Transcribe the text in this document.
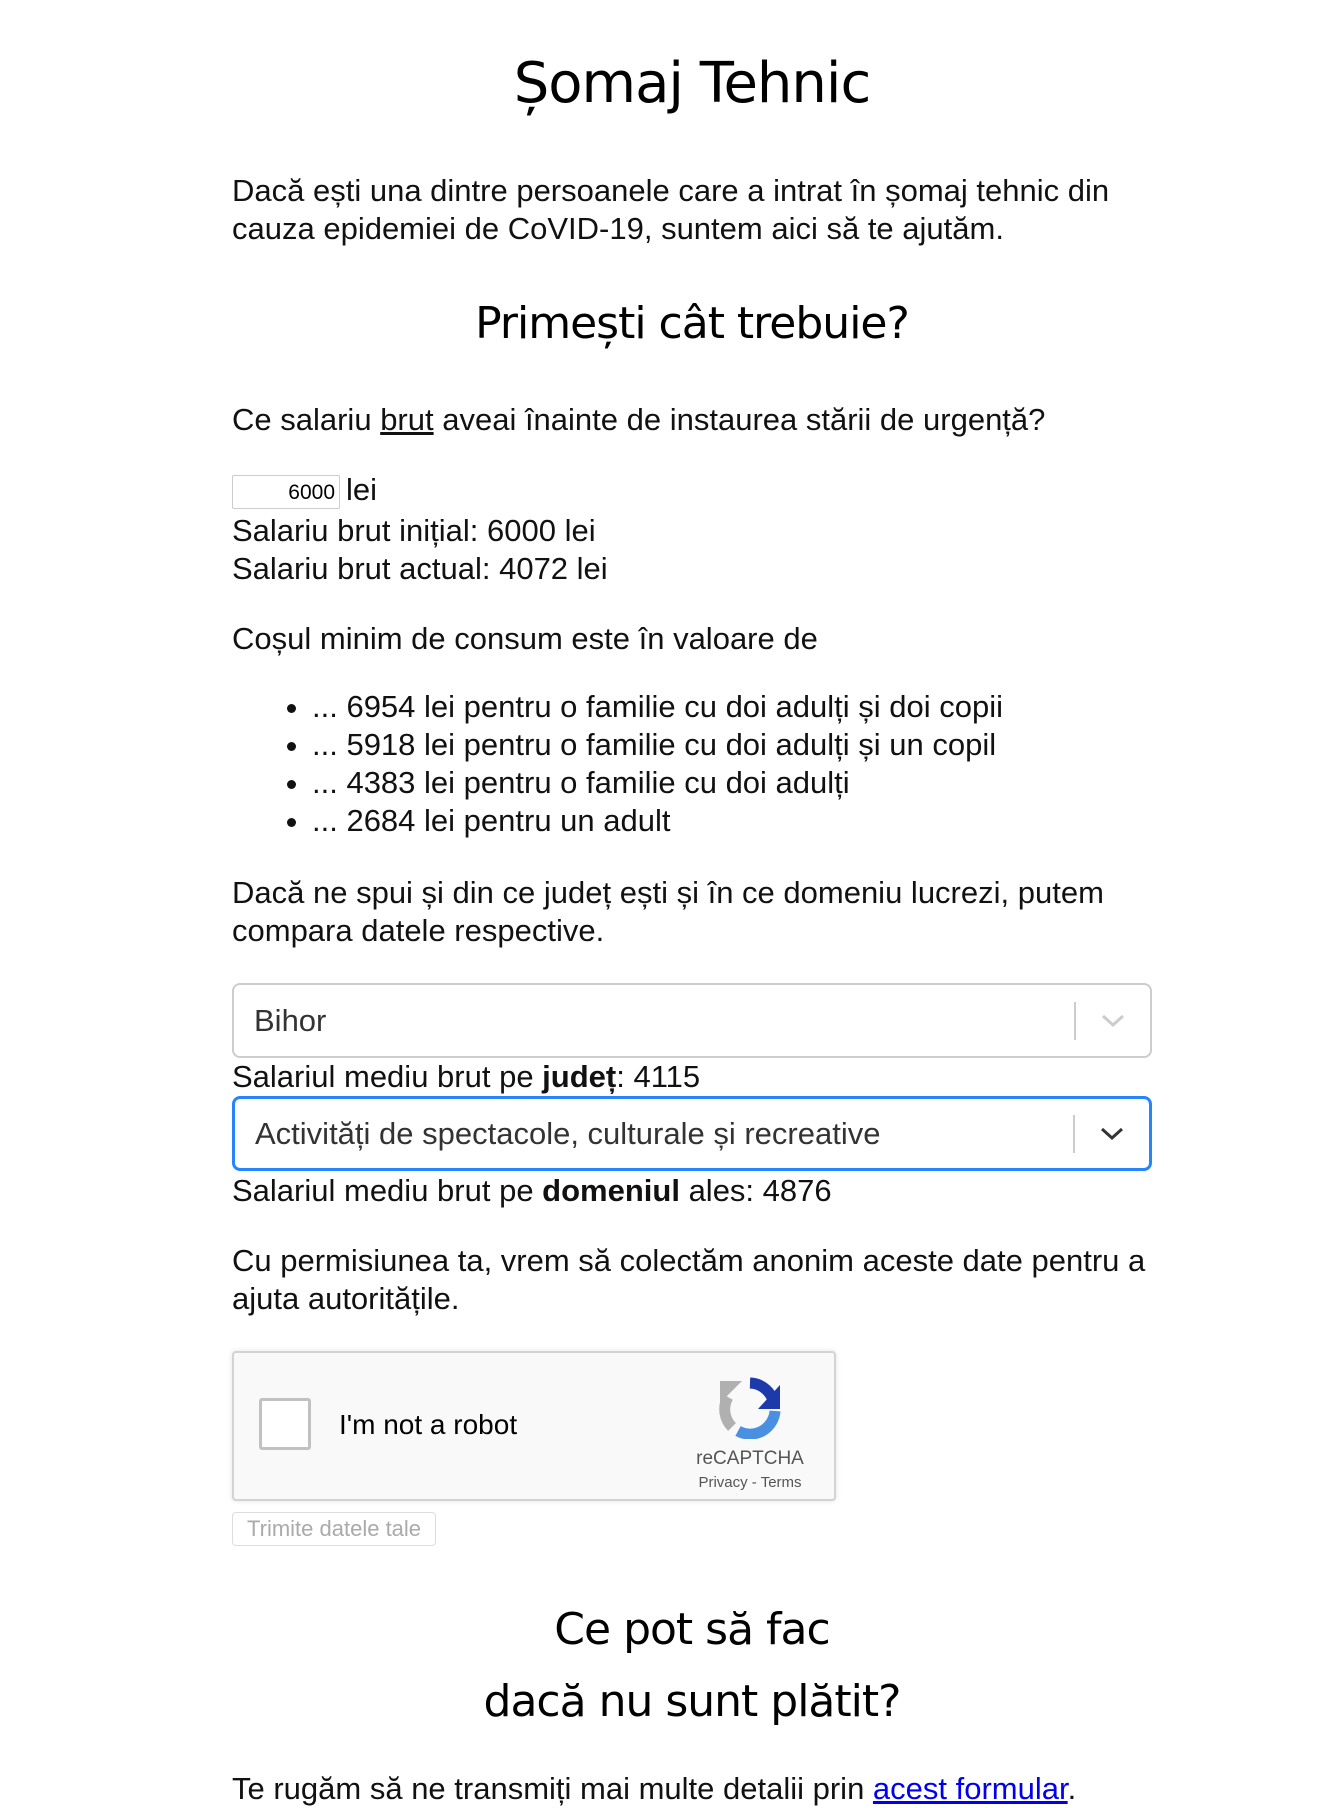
Șomaj Tehnic

Dacă ești una dintre persoanele care a intrat în șomaj tehnic din cauza epidemiei de CoVID-19, suntem aici să te ajutăm.

Primești cât trebuie?

Ce salariu brut aveai înainte de instaurea stării de urgență?

6000 lei

Salariu brut inițial: 6000 lei

Salariu brut actual: 4072 lei

Coșul minim de consum este în valoare de

• ... 6954 lei pentru o familie cu doi adulți și doi copii
• ... 5918 lei pentru o familie cu doi adulți și un copil
• ... 4383 lei pentru o familie cu doi adulți
• ... 2684 lei pentru un adult

Dacă ne spui și din ce județ ești și în ce domeniu lucrezi, putem compara datele respective.

Bihor

Salariul mediu brut pe județ: 4115

Activități de spectacole, culturale și recreative

Salariul mediu brut pe domeniul ales: 4876

Cu permisiunea ta, vrem să colectăm anonim aceste date pentru a ajuta autoritățile.

I'm not a robot
reCAPTCHA
Privacy - Terms
Trimite datele tale
Ce pot să fac
dacă nu sunt plătit?

Te rugăm să ne transmiți mai multe detalii prin acest formular.
